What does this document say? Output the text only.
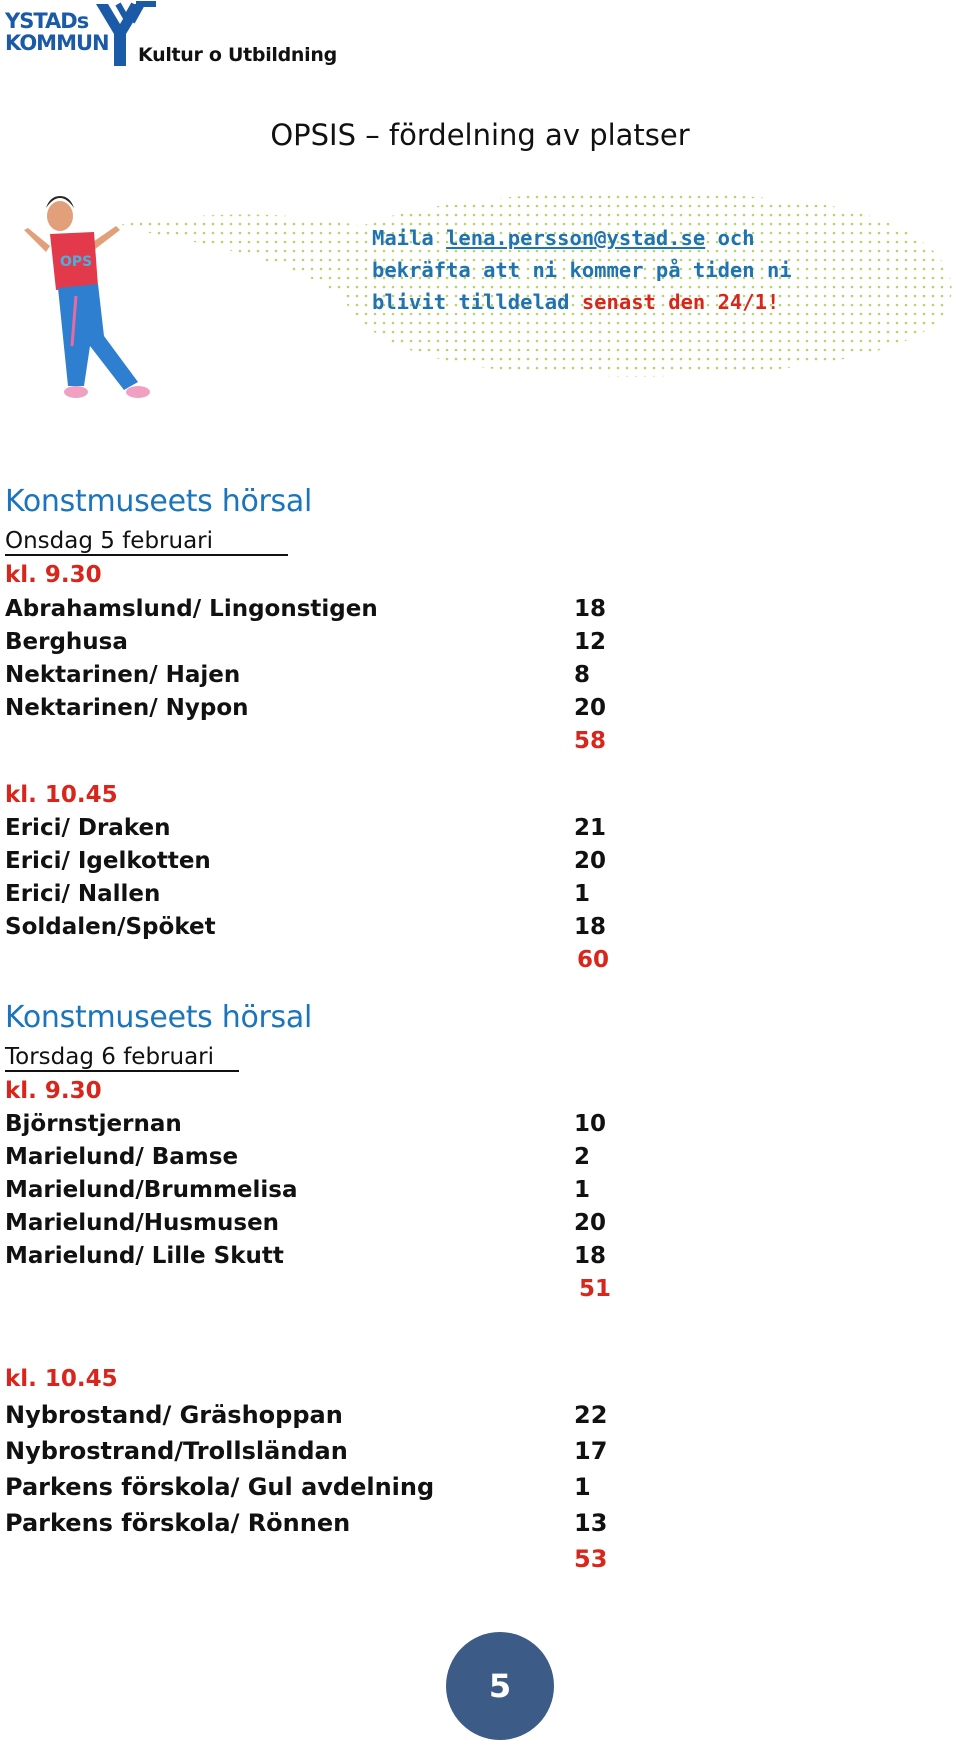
YSTADs
KOMMUN Kultur o Utbildning
OPSIS – fördelning av platser
OPS
Maila lena.persson@ystad.se och
bekräfta att ni kommer på tiden ni
blivit tilldelad senast den 24/1!
Konstmuseets hörsal
Onsdag 5 februari
kl. 9.30
Abrahamslund/ Lingonstigen	18
Berghusa	12
Nektarinen/ Hajen	8
Nektarinen/ Nypon	20
58
kl. 10.45
Erici/ Draken	21
Erici/ Igelkotten	20
Erici/ Nallen	1
Soldalen/Spöket	18
60
Konstmuseets hörsal
Torsdag 6 februari
kl. 9.30
Björnstjernan	10
Marielund/ Bamse	2
Marielund/Brummelisa	1
Marielund/Husmusen	20
Marielund/ Lille Skutt	18
51
kl. 10.45
Nybrostand/ Gräshoppan	22
Nybrostrand/Trollsländan	17
Parkens förskola/ Gul avdelning	1
Parkens förskola/ Rönnen	13
53
5
